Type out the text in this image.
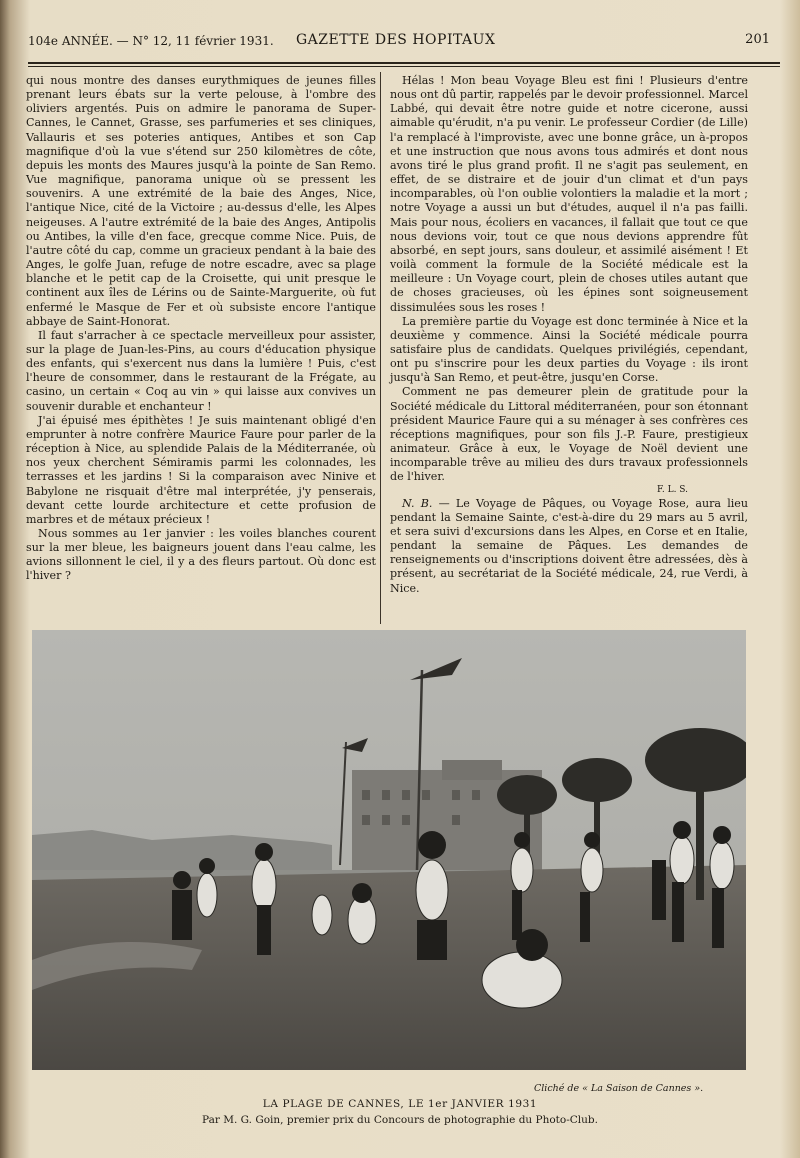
104e ANNÉE. — N° 12, 11 février 1931. GAZETTE DES HOPITAUX	201

qui nous montre des danses eurythmiques de jeunes filles prenant leurs ébats sur la verte pelouse, à l'ombre des oliviers argentés. Puis on admire le panorama de Super-Cannes, le Cannet, Grasse, ses parfumeries et ses cliniques, Vallauris et ses poteries antiques, Antibes et son Cap magnifique d'où la vue s'étend sur 250 kilomètres de côte, depuis les monts des Maures jusqu'à la pointe de San Remo. Vue magnifique, panorama unique où se pressent les souvenirs. A une extrémité de la baie des Anges, Nice, l'antique Nice, cité de la Victoire ; au-dessus d'elle, les Alpes neigeuses. A l'autre extrémité de la baie des Anges, Antipolis ou Antibes, la ville d'en face, grecque comme Nice. Puis, de l'autre côté du cap, comme un gracieux pendant à la baie des Anges, le golfe Juan, refuge de notre escadre, avec sa plage blanche et le petit cap de la Croisette, qui unit presque le continent aux îles de Lérins ou de Sainte-Marguerite, où fut enfermé le Masque de Fer et où subsiste encore l'antique abbaye de Saint-Honorat.

Il faut s'arracher à ce spectacle merveilleux pour assister, sur la plage de Juan-les-Pins, au cours d'éducation physique des enfants, qui s'exercent nus dans la lumière ! Puis, c'est l'heure de consommer, dans le restaurant de la Frégate, au casino, un certain « Coq au vin » qui laisse aux convives un souvenir durable et enchanteur !

J'ai épuisé mes épithètes ! Je suis maintenant obligé d'en emprunter à notre confrère Maurice Faure pour parler de la réception à Nice, au splendide Palais de la Méditerranée, où nos yeux cherchent Sémiramis parmi les colonnades, les terrasses et les jardins ! Si la comparaison avec Ninive et Babylone ne risquait d'être mal interprétée, j'y penserais, devant cette lourde architecture et cette profusion de marbres et de métaux précieux !

Nous sommes au 1er janvier : les voiles blanches courent sur la mer bleue, les baigneurs jouent dans l'eau calme, les avions sillonnent le ciel, il y a des fleurs partout. Où donc est l'hiver ?

Hélas ! Mon beau Voyage Bleu est fini ! Plusieurs d'entre nous ont dû partir, rappelés par le devoir professionnel. Marcel Labbé, qui devait être notre guide et notre cicerone, aussi aimable qu'érudit, n'a pu venir. Le professeur Cordier (de Lille) l'a remplacé à l'improviste, avec une bonne grâce, un à-propos et une instruction que nous avons tous admirés et dont nous avons tiré le plus grand profit. Il ne s'agit pas seulement, en effet, de se distraire et de jouir d'un climat et d'un pays incomparables, où l'on oublie volontiers la maladie et la mort ; notre Voyage a aussi un but d'études, auquel il n'a pas failli. Mais pour nous, écoliers en vacances, il fallait que tout ce que nous devions voir, tout ce que nous devions apprendre fût absorbé, en sept jours, sans douleur, et assimilé aisément ! Et voilà comment la formule de la Société médicale est la meilleure : Un Voyage court, plein de choses utiles autant que de choses gracieuses, où les épines sont soigneusement dissimulées sous les roses !

La première partie du Voyage est donc terminée à Nice et la deuxième y commence. Ainsi la Société médicale pourra satisfaire plus de candidats. Quelques privilégiés, cependant, ont pu s'inscrire pour les deux parties du Voyage : ils iront jusqu'à San Remo, et peut-être, jusqu'en Corse.

Comment ne pas demeurer plein de gratitude pour la Société médicale du Littoral méditerranéen, pour son étonnant président Maurice Faure qui a su ménager à ses confrères ces réceptions magnifiques, pour son fils J.-P. Faure, prestigieux animateur. Grâce à eux, le Voyage de Noël devient une incomparable trêve au milieu des durs travaux professionnels de l'hiver.

F. L. S.

N. B. — Le Voyage de Pâques, ou Voyage Rose, aura lieu pendant la Semaine Sainte, c'est-à-dire du 29 mars au 5 avril, et sera suivi d'excursions dans les Alpes, en Corse et en Italie, pendant la semaine de Pâques. Les demandes de renseignements ou d'inscriptions doivent être adressées, dès à présent, au secrétariat de la Société médicale, 24, rue Verdi, à Nice.

Cliché de « La Saison de Cannes ».
LA PLAGE DE CANNES, LE 1er JANVIER 1931
Par M. G. Goin, premier prix du Concours de photographie du Photo-Club.
